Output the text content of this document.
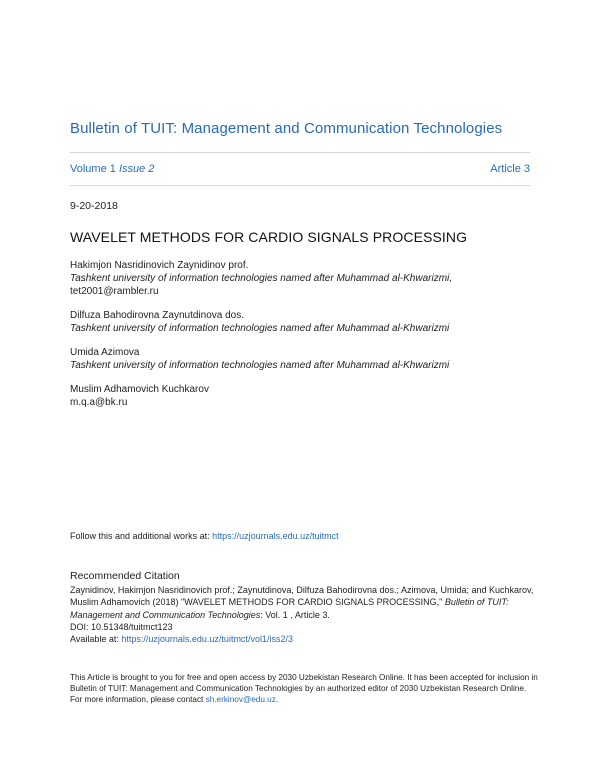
Bulletin of TUIT: Management and Communication Technologies
Volume 1 Issue 2	Article 3
9-20-2018
WAVELET METHODS FOR CARDIO SIGNALS PROCESSING
Hakimjon Nasridinovich Zaynidinov prof.
Tashkent university of information technologies named after Muhammad al-Khwarizmi,
tet2001@rambler.ru
Dilfuza Bahodirovna Zaynutdinova dos.
Tashkent university of information technologies named after Muhammad al-Khwarizmi
Umida Azimova
Tashkent university of information technologies named after Muhammad al-Khwarizmi
Muslim Adhamovich Kuchkarov
m.q.a@bk.ru
Follow this and additional works at: https://uzjournals.edu.uz/tuitmct
Recommended Citation
Zaynidinov, Hakimjon Nasridinovich prof.; Zaynutdinova, Dilfuza Bahodirovna dos.; Azimova, Umida; and Kuchkarov, Muslim Adhamovich (2018) "WAVELET METHODS FOR CARDIO SIGNALS PROCESSING," Bulletin of TUIT: Management and Communication Technologies: Vol. 1 , Article 3.
DOI: 10.51348/tuitmct123
Available at: https://uzjournals.edu.uz/tuitmct/vol1/iss2/3
This Article is brought to you for free and open access by 2030 Uzbekistan Research Online. It has been accepted for inclusion in Bulletin of TUIT: Management and Communication Technologies by an authorized editor of 2030 Uzbekistan Research Online. For more information, please contact sh.erkinov@edu.uz.
